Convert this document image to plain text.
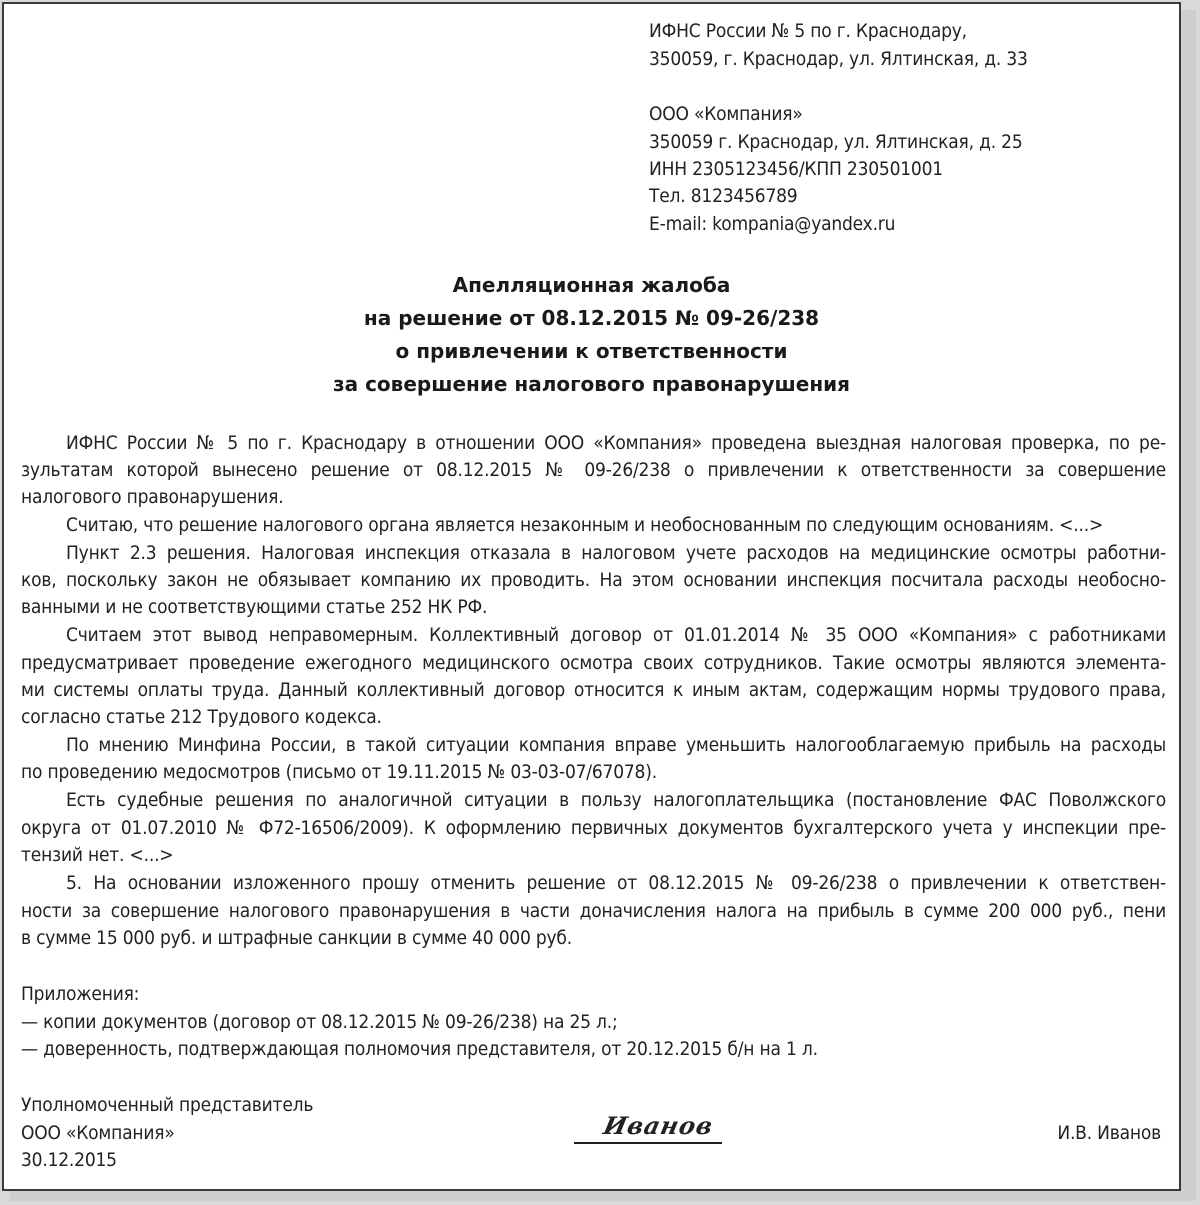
ИФНС России № 5 по г. Краснодару,
350059, г. Краснодар, ул. Ялтинская, д. 33
ООО «Компания»
350059 г. Краснодар, ул. Ялтинская, д. 25
ИНН 2305123456/КПП 230501001
Тел. 8123456789
E-mail: kompania@yandex.ru
Апелляционная жалоба
на решение от 08.12.2015 № 09-26/238
о привлечении к ответственности
за совершение налогового правонарушения
ИФНС России № 5 по г. Краснодару в отношении ООО «Компания» проведена выездная налоговая проверка, по ре-
зультатам которой вынесено решение от 08.12.2015 № 09-26/238 о привлечении к ответственности за совершение
налогового правонарушения.
Считаю, что решение налогового органа является незаконным и необоснованным по следующим основаниям. <...>
Пункт 2.3 решения. Налоговая инспекция отказала в налоговом учете расходов на медицинские осмотры работни-
ков, поскольку закон не обязывает компанию их проводить. На этом основании инспекция посчитала расходы необосно-
ванными и не соответствующими статье 252 НК РФ.
Считаем этот вывод неправомерным. Коллективный договор от 01.01.2014 № 35 ООО «Компания» с работниками
предусматривает проведение ежегодного медицинского осмотра своих сотрудников. Такие осмотры являются элемента-
ми системы оплаты труда. Данный коллективный договор относится к иным актам, содержащим нормы трудового права,
согласно статье 212 Трудового кодекса.
По мнению Минфина России, в такой ситуации компания вправе уменьшить налогооблагаемую прибыль на расходы
по проведению медосмотров (письмо от 19.11.2015 № 03-03-07/67078).
Есть судебные решения по аналогичной ситуации в пользу налогоплательщика (постановление ФАС Поволжского
округа от 01.07.2010 № Ф72-16506/2009). К оформлению первичных документов бухгалтерского учета у инспекции пре-
тензий нет. <...>
5. На основании изложенного прошу отменить решение от 08.12.2015 № 09-26/238 о привлечении к ответствен-
ности за совершение налогового правонарушения в части доначисления налога на прибыль в сумме 200 000 руб., пени
в сумме 15 000 руб. и штрафные санкции в сумме 40 000 руб.
Приложения:
— копии документов (договор от 08.12.2015 № 09-26/238) на 25 л.;
— доверенность, подтверждающая полномочия представителя, от 20.12.2015 б/н на 1 л.
Уполномоченный представитель
ООО «Компания»
30.12.2015
Иванов	И.В. Иванов
